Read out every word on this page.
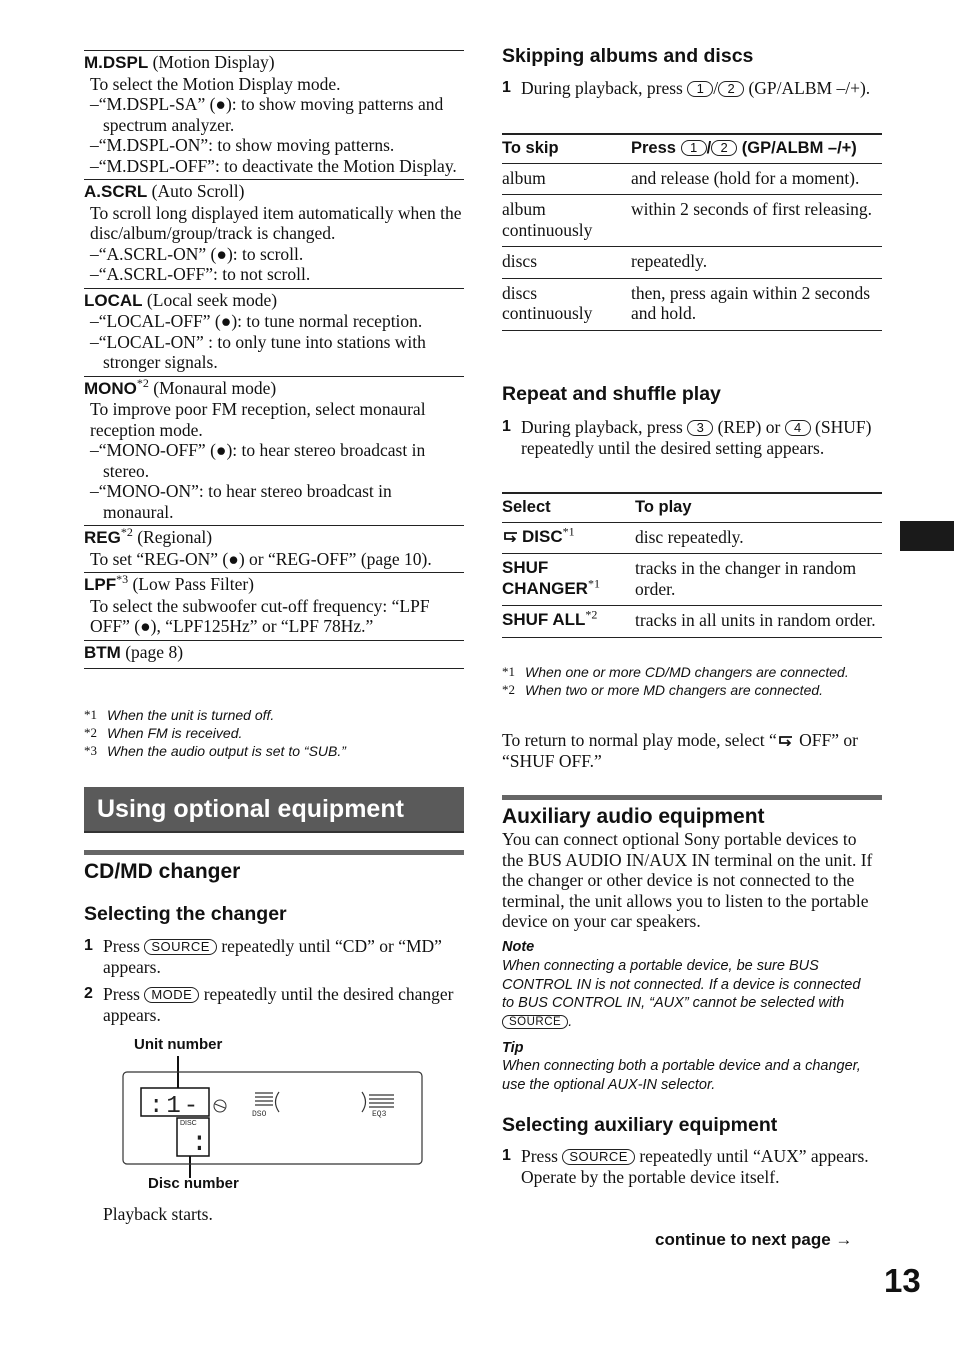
M.DSPL (Motion Display)
To select the Motion Display mode.
–“M.DSPL-SA” (●): to show moving patterns and spectrum analyzer.
–“M.DSPL-ON”: to show moving patterns.
–“M.DSPL-OFF”: to deactivate the Motion Display.
A.SCRL (Auto Scroll)
To scroll long displayed item automatically when the disc/album/group/track is changed.
–“A.SCRL-ON” (●): to scroll.
–“A.SCRL-OFF”: to not scroll.
LOCAL (Local seek mode)
–“LOCAL-OFF” (●): to tune normal reception.
–“LOCAL-ON” : to only tune into stations with stronger signals.
MONO$^{*2}$ (Monaural mode)
To improve poor FM reception, select monaural reception mode.
–“MONO-OFF” (●): to hear stereo broadcast in stereo.
–“MONO-ON”: to hear stereo broadcast in monaural.
REG$^{*2}$ (Regional)
To set “REG-ON” (●) or “REG-OFF” (page 10).
LPF$^{*3}$ (Low Pass Filter)
To select the subwoofer cut-off frequency: “LPF OFF” (●), “LPF125Hz” or “LPF 78Hz.”
BTM (page 8)
*1 When the unit is turned off.
*2 When FM is received.
*3 When the audio output is set to “SUB.”
Using optional equipment
CD/MD changer
Selecting the changer
1 Press SOURCE repeatedly until “CD” or “MD” appears.
2 Press MODE repeatedly until the desired changer appears.
Unit number
Disc number
:1-
:
DISC
DSO	EQ3
Playback starts.
Skipping albums and discs
1 During playback, press 1 / 2 (GP/ALBM –/+).
To skip	Press 1 / 2 (GP/ALBM –/+)
album	and release (hold for a moment).
album continuously	within 2 seconds of first releasing.
discs	repeatedly.
discs continuously	then, press again within 2 seconds and hold.
Repeat and shuffle play
1 During playback, press 3 (REP) or 4 (SHUF) repeatedly until the desired setting appears.
Select	To play
DISC$^{*1}$	disc repeatedly.
SHUF CHANGER$^{*1}$	tracks in the changer in random order.
SHUF ALL$^{*2}$	tracks in all units in random order.
*1 When one or more CD/MD changers are connected.
*2 When two or more MD changers are connected.
To return to normal play mode, select “ OFF” or “SHUF OFF.”
Auxiliary audio equipment
You can connect optional Sony portable devices to the BUS AUDIO IN/AUX IN terminal on the unit. If the changer or other device is not connected to the terminal, the unit allows you to listen to the portable device on your car speakers.
Note
When connecting a portable device, be sure BUS CONTROL IN is not connected. If a device is connected to BUS CONTROL IN, “AUX” cannot be selected with SOURCE .
Tip
When connecting both a portable device and a changer, use the optional AUX-IN selector.
Selecting auxiliary equipment
1 Press SOURCE repeatedly until “AUX” appears.
Operate by the portable device itself.
continue to next page →
13
